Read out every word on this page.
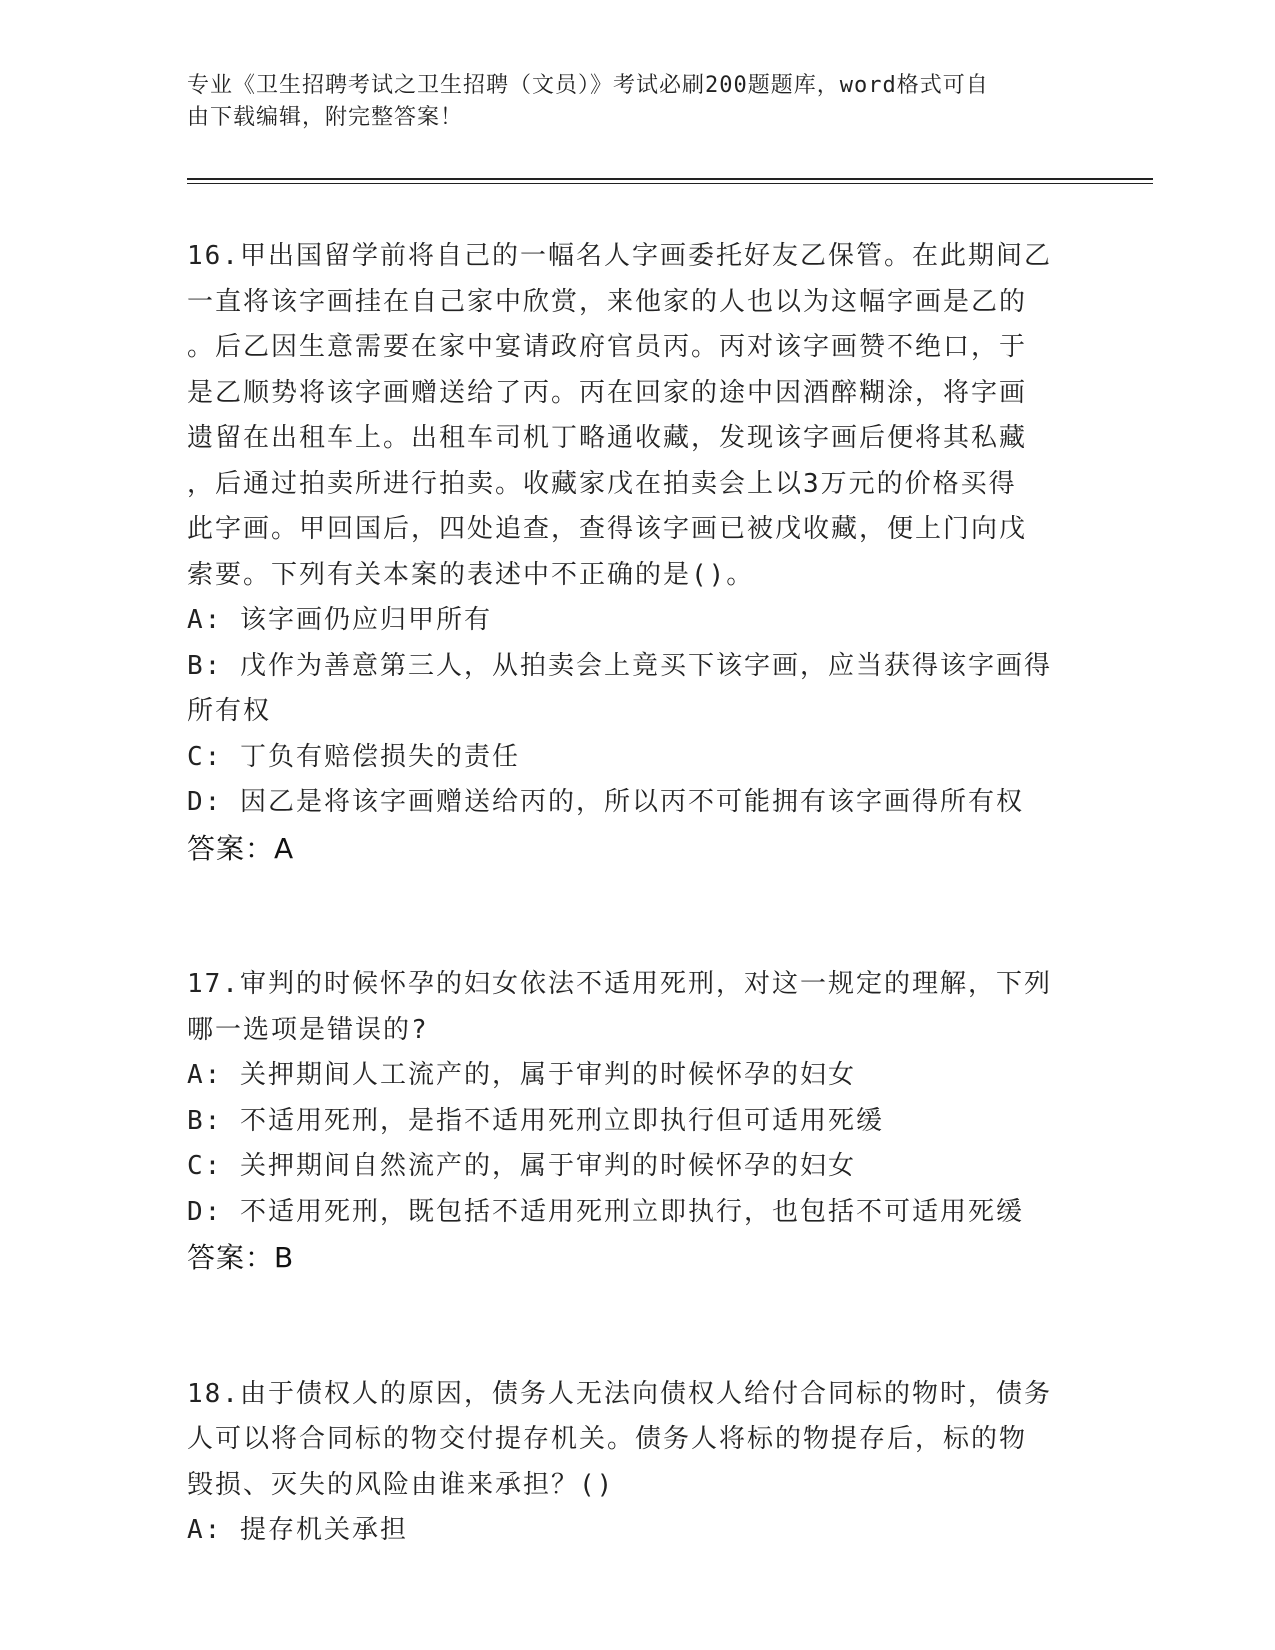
专业《卫生招聘考试之卫生招聘（文员）》考试必刷200题题库，word格式可自
由下载编辑，附完整答案！
16.甲出国留学前将自己的一幅名人字画委托好友乙保管。在此期间乙
一直将该字画挂在自己家中欣赏，来他家的人也以为这幅字画是乙的
。后乙因生意需要在家中宴请政府官员丙。丙对该字画赞不绝口，于
是乙顺势将该字画赠送给了丙。丙在回家的途中因酒醉糊涂，将字画
遗留在出租车上。出租车司机丁略通收藏，发现该字画后便将其私藏
，后通过拍卖所进行拍卖。收藏家戊在拍卖会上以3万元的价格买得
此字画。甲回国后，四处追查，查得该字画已被戊收藏，便上门向戊
索要。下列有关本案的表述中不正确的是()。
A: 该字画仍应归甲所有
B: 戊作为善意第三人，从拍卖会上竟买下该字画，应当获得该字画得
所有权
C: 丁负有赔偿损失的责任
D: 因乙是将该字画赠送给丙的，所以丙不可能拥有该字画得所有权
答案：A
17.审判的时候怀孕的妇女依法不适用死刑，对这一规定的理解，下列
哪一选项是错误的?
A: 关押期间人工流产的，属于审判的时候怀孕的妇女
B: 不适用死刑，是指不适用死刑立即执行但可适用死缓
C: 关押期间自然流产的，属于审判的时候怀孕的妇女
D: 不适用死刑，既包括不适用死刑立即执行，也包括不可适用死缓
答案：B
18.由于债权人的原因，债务人无法向债权人给付合同标的物时，债务
人可以将合同标的物交付提存机关。债务人将标的物提存后，标的物
毁损、灭失的风险由谁来承担？()
A: 提存机关承担
